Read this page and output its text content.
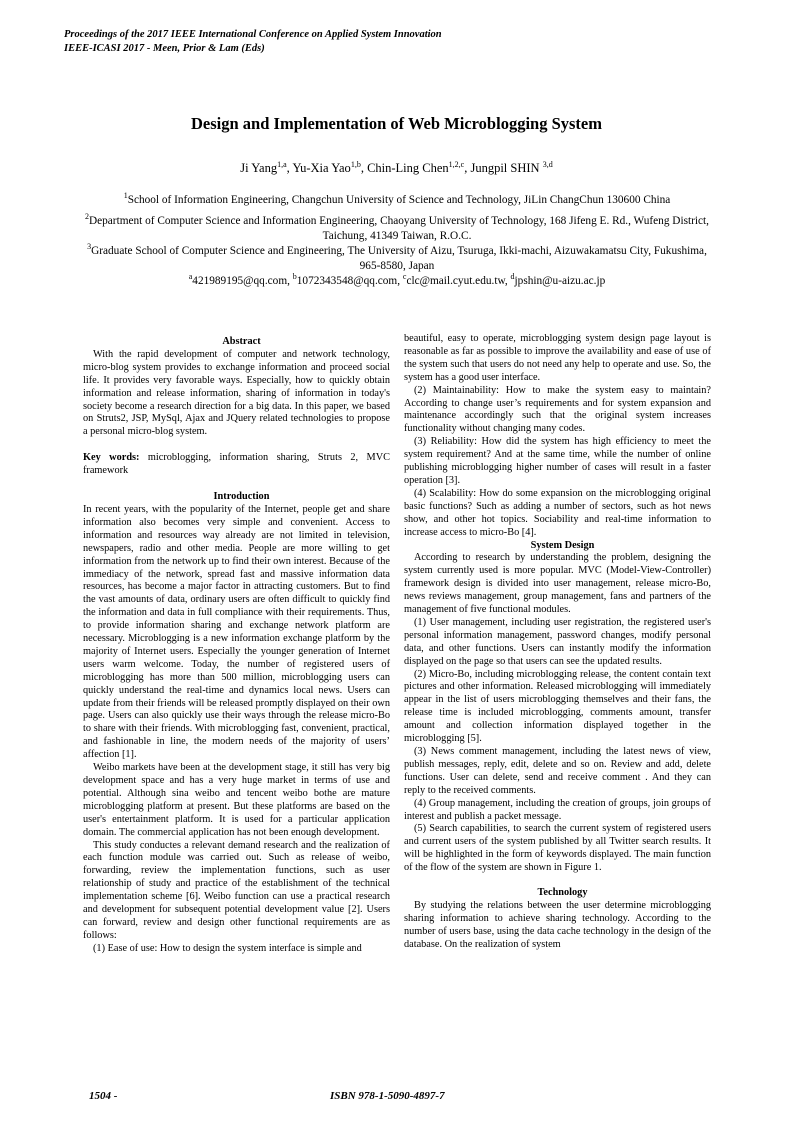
Proceedings of the 2017 IEEE International Conference on Applied System Innovation
IEEE-ICASI 2017 - Meen, Prior & Lam (Eds)
Design and Implementation of Web Microblogging System
Ji Yang$^{1,a}$, Yu-Xia Yao$^{1,b}$, Chin-Ling Chen$^{1,2,c}$, Jungpil SHIN $^{3,d}$

$^1$School of Information Engineering, Changchun University of Science and Technology, JiLin ChangChun 130600 China

$^2$Department of Computer Science and Information Engineering, Chaoyang University of Technology, 168 Jifeng E. Rd., Wufeng District, Taichung, 41349 Taiwan, R.O.C.

$^3$Graduate School of Computer Science and Engineering, The University of Aizu, Tsuruga, Ikki-machi, Aizuwakamatsu City, Fukushima, 965-8580, Japan

$^a$421989195@qq.com, $^b$1072343548@qq.com, $^c$clc@mail.cyut.edu.tw, $^d$jpshin@u-aizu.ac.jp

Abstract

With the rapid development of computer and network technology, micro-blog system provides to exchange information and proceed social life. It provides very favorable ways. Especially, how to quickly obtain information and release information, sharing of information in today's society become a research direction for a big data. In this paper, we based on Struts2, JSP, MySql, Ajax and JQuery related technologies to propose a personal micro-blog system.

Key words: microblogging, information sharing, Struts 2, MVC framework

Introduction

In recent years, with the popularity of the Internet, people get and share information also becomes very simple and convenient. Access to information and resources way already are not limited in television, newspapers, radio and other media. People are more willing to get information from the network up to find their own interest. Because of the immediacy of the network, spread fast and massive information data resources, has become a major factor in attracting customers. But to find the vast amounts of data, ordinary users are often difficult to quickly find the information and data in full compliance with their requirements. Thus, to provide information sharing and exchange network platform are necessary. Microblogging is a new information exchange platform by the majority of Internet users. Especially the younger generation of Internet users warm welcome. Today, the number of registered users of microblogging has more than 500 million, microblogging users can quickly understand the real-time and dynamics local news. Users can update from their friends will be released promptly displayed on their own page. Users can also quickly use their ways through the release micro-Bo to share with their friends. With microblogging fast, convenient, practical, and fashionable in line, the modern needs of the majority of users’ affection [1].

Weibo markets have been at the development stage, it still has very big development space and has a very huge market in terms of use and potential. Although sina weibo and tencent weibo bothe are mature microblogging platform at present. But these platforms are based on the user's entertainment platform. It is used for a particular application domain. The commercial application has not been enough development.

This study conductes a relevant demand research and the realization of each function module was carried out. Such as release of weibo, forwarding, review the implementation functions, such as user relationship of study and practice of the establishment of the technical implementation scheme [6]. Weibo function can use a practical research and development for subsequent potential development value [2]. Users can forward, review and design other functional requirements are as follows:

(1) Ease of use: How to design the system interface is simple and

beautiful, easy to operate, microblogging system design page layout is reasonable as far as possible to improve the availability and ease of use of the system such that users do not need any help to operate and use. So, the system has a good user interface.

(2) Maintainability: How to make the system easy to maintain? According to change user’s requirements and for system expansion and maintenance accordingly such that the original system increases functionality without changing many codes.

(3) Reliability: How did the system has high efficiency to meet the system requirement? And at the same time, while the number of online publishing microblogging higher number of cases will result in a faster operation [3].

(4) Scalability: How do some expansion on the microblogging original basic functions? Such as adding a number of sectors, such as hot news show, and other hot topics. Sociability and real-time information to increase access to micro-Bo [4].

System Design

According to research by understanding the problem, designing the system currently used is more popular. MVC (Model-View-Controller) framework design is divided into user management, release micro-Bo, news reviews management, group management, fans and partners of the management of five functional modules.

(1) User management, including user registration, the registered user's personal information management, password changes, modify personal data, and other functions. Users can instantly modify the information displayed on the page so that users can see the updated results.

(2) Micro-Bo, including microblogging release, the content contain text pictures and other information. Released microblogging will immediately appear in the list of users microblogging themselves and their fans, the release time is included microblogging, comments amount, transfer amount and collection information displayed together in the microblogging [5].

(3) News comment management, including the latest news of view, publish messages, reply, edit, delete and so on. Review and add, delete functions. User can delete, send and receive comment . And they can reply to the received comments.

(4) Group management, including the creation of groups, join groups of interest and publish a packet message.

(5) Search capabilities, to search the current system of registered users and current users of the system published by all Twitter search results. It will be highlighted in the form of keywords displayed. The main function of the flow of the system are shown in Figure 1.

Technology

By studying the relations between the user determine microblogging sharing information to achieve sharing technology. According to the number of users base, using the data cache technology in the design of the database. On the realization of system

1504 -	ISBN 978-1-5090-4897-7
